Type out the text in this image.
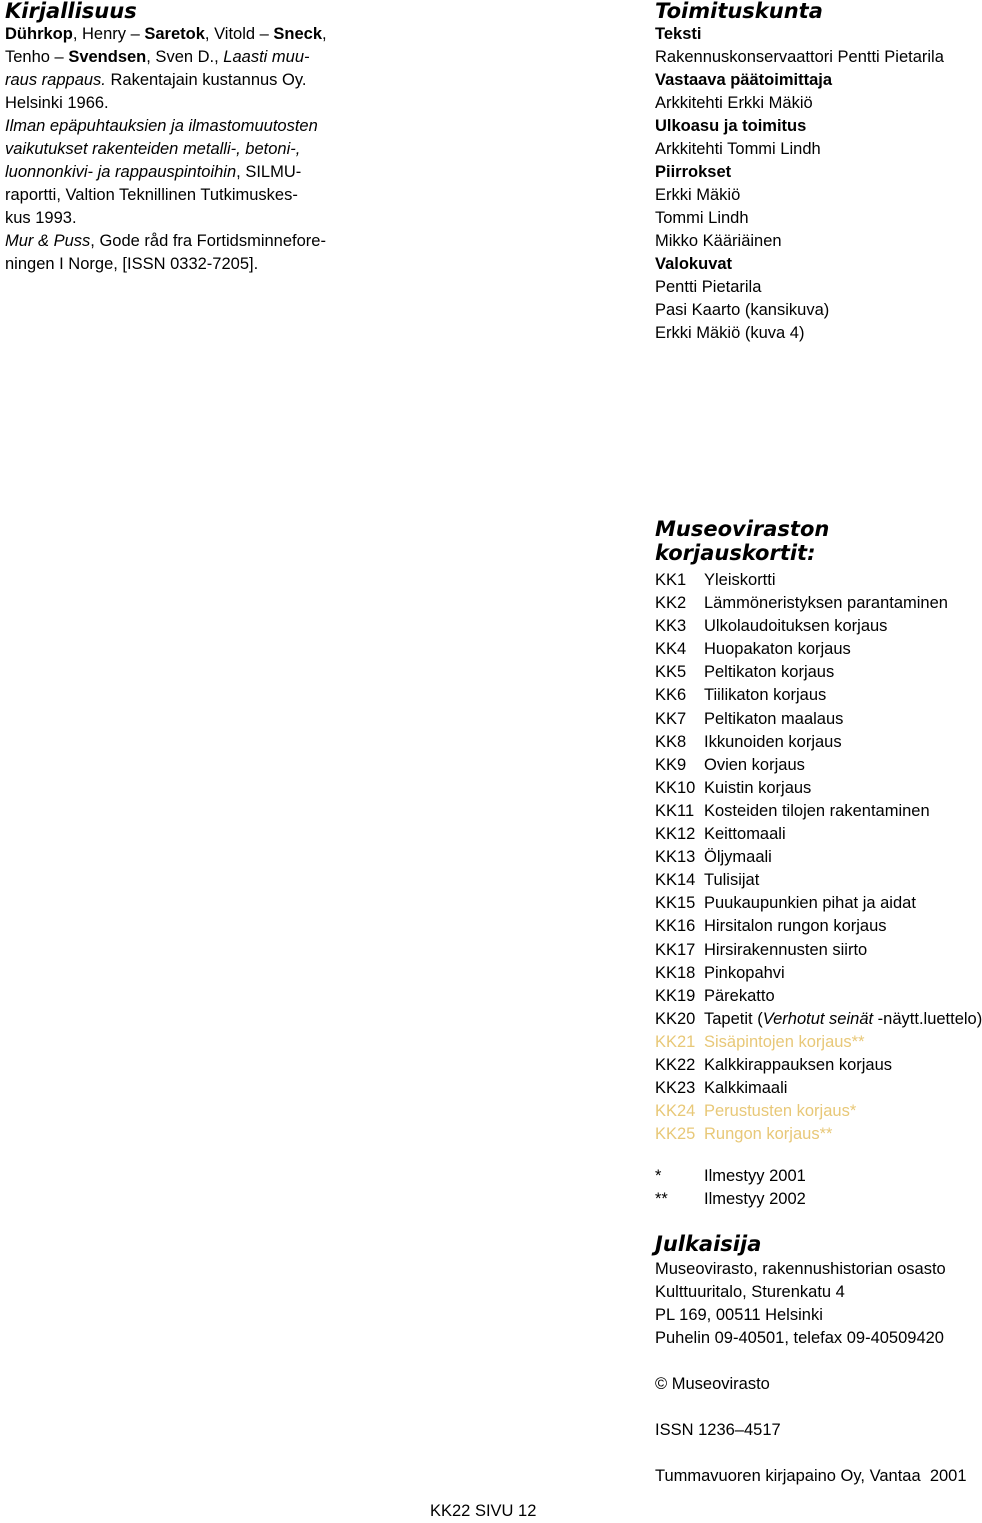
Kirjallisuus
Dührkop, Henry – Saretok, Vitold – Sneck,
Tenho – Svendsen, Sven D., Laasti muu-
raus rappaus. Rakentajain kustannus Oy.
Helsinki 1966.
Ilman epäpuhtauksien ja ilmastomuutosten
vaikutukset rakenteiden metalli-, betoni-,
luonnonkivi- ja rappauspintoihin, SILMU-
raportti, Valtion Teknillinen Tutkimuskes-
kus 1993.
Mur & Puss, Gode råd fra Fortidsminnefore-
ningen I Norge, [ISSN 0332-7205].
Toimituskunta
Teksti
Rakennuskonservaattori Pentti Pietarila
Vastaava päätoimittaja
Arkkitehti Erkki Mäkiö
Ulkoasu ja toimitus
Arkkitehti Tommi Lindh
Piirrokset
Erkki Mäkiö
Tommi Lindh
Mikko Kääriäinen
Valokuvat
Pentti Pietarila
Pasi Kaarto (kansikuva)
Erkki Mäkiö (kuva 4)
Museoviraston
korjauskortit:
KK1	Yleiskortti
KK2	Lämmöneristyksen parantaminen
KK3	Ulkolaudoituksen korjaus
KK4	Huopakaton korjaus
KK5	Peltikaton korjaus
KK6	Tiilikaton korjaus
KK7	Peltikaton maalaus
KK8	Ikkunoiden korjaus
KK9	Ovien korjaus
KK10 Kuistin korjaus
KK11 Kosteiden tilojen rakentaminen
KK12 Keittomaali
KK13 Öljymaali
KK14 Tulisijat
KK15 Puukaupunkien pihat ja aidat
KK16 Hirsitalon rungon korjaus
KK17 Hirsirakennusten siirto
KK18 Pinkopahvi
KK19 Pärekatto
KK20 Tapetit (Verhotut seinät -näytt.luettelo)
KK21 Sisäpintojen korjaus**
KK22 Kalkkirappauksen korjaus
KK23 Kalkkimaali
KK24 Perustusten korjaus*
KK25 Rungon korjaus**
*	Ilmestyy 2001
**	Ilmestyy 2002
Julkaisija
Museovirasto, rakennushistorian osasto
Kulttuuritalo, Sturenkatu 4
PL 169, 00511 Helsinki
Puhelin 09-40501, telefax 09-40509420
© Museovirasto
ISSN 1236–4517
Tummavuoren kirjapaino Oy, Vantaa  2001
KK22 SIVU 12
